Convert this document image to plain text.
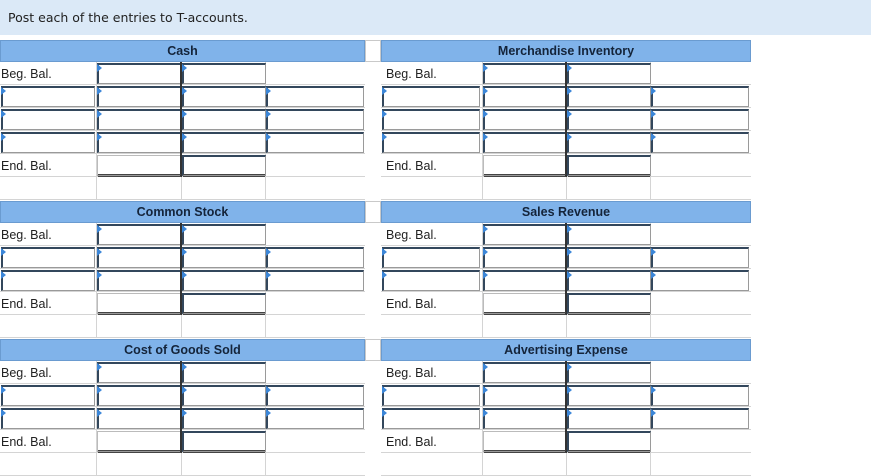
Post each of the entries to T-accounts.
Cash	Merchandise Inventory
Beg. Bal.	Beg. Bal.
End. Bal.	End. Bal.
Common Stock	Sales Revenue
Beg. Bal.	Beg. Bal.
End. Bal.	End. Bal.
Cost of Goods Sold	Advertising Expense
Beg. Bal.	Beg. Bal.
End. Bal.	End. Bal.
